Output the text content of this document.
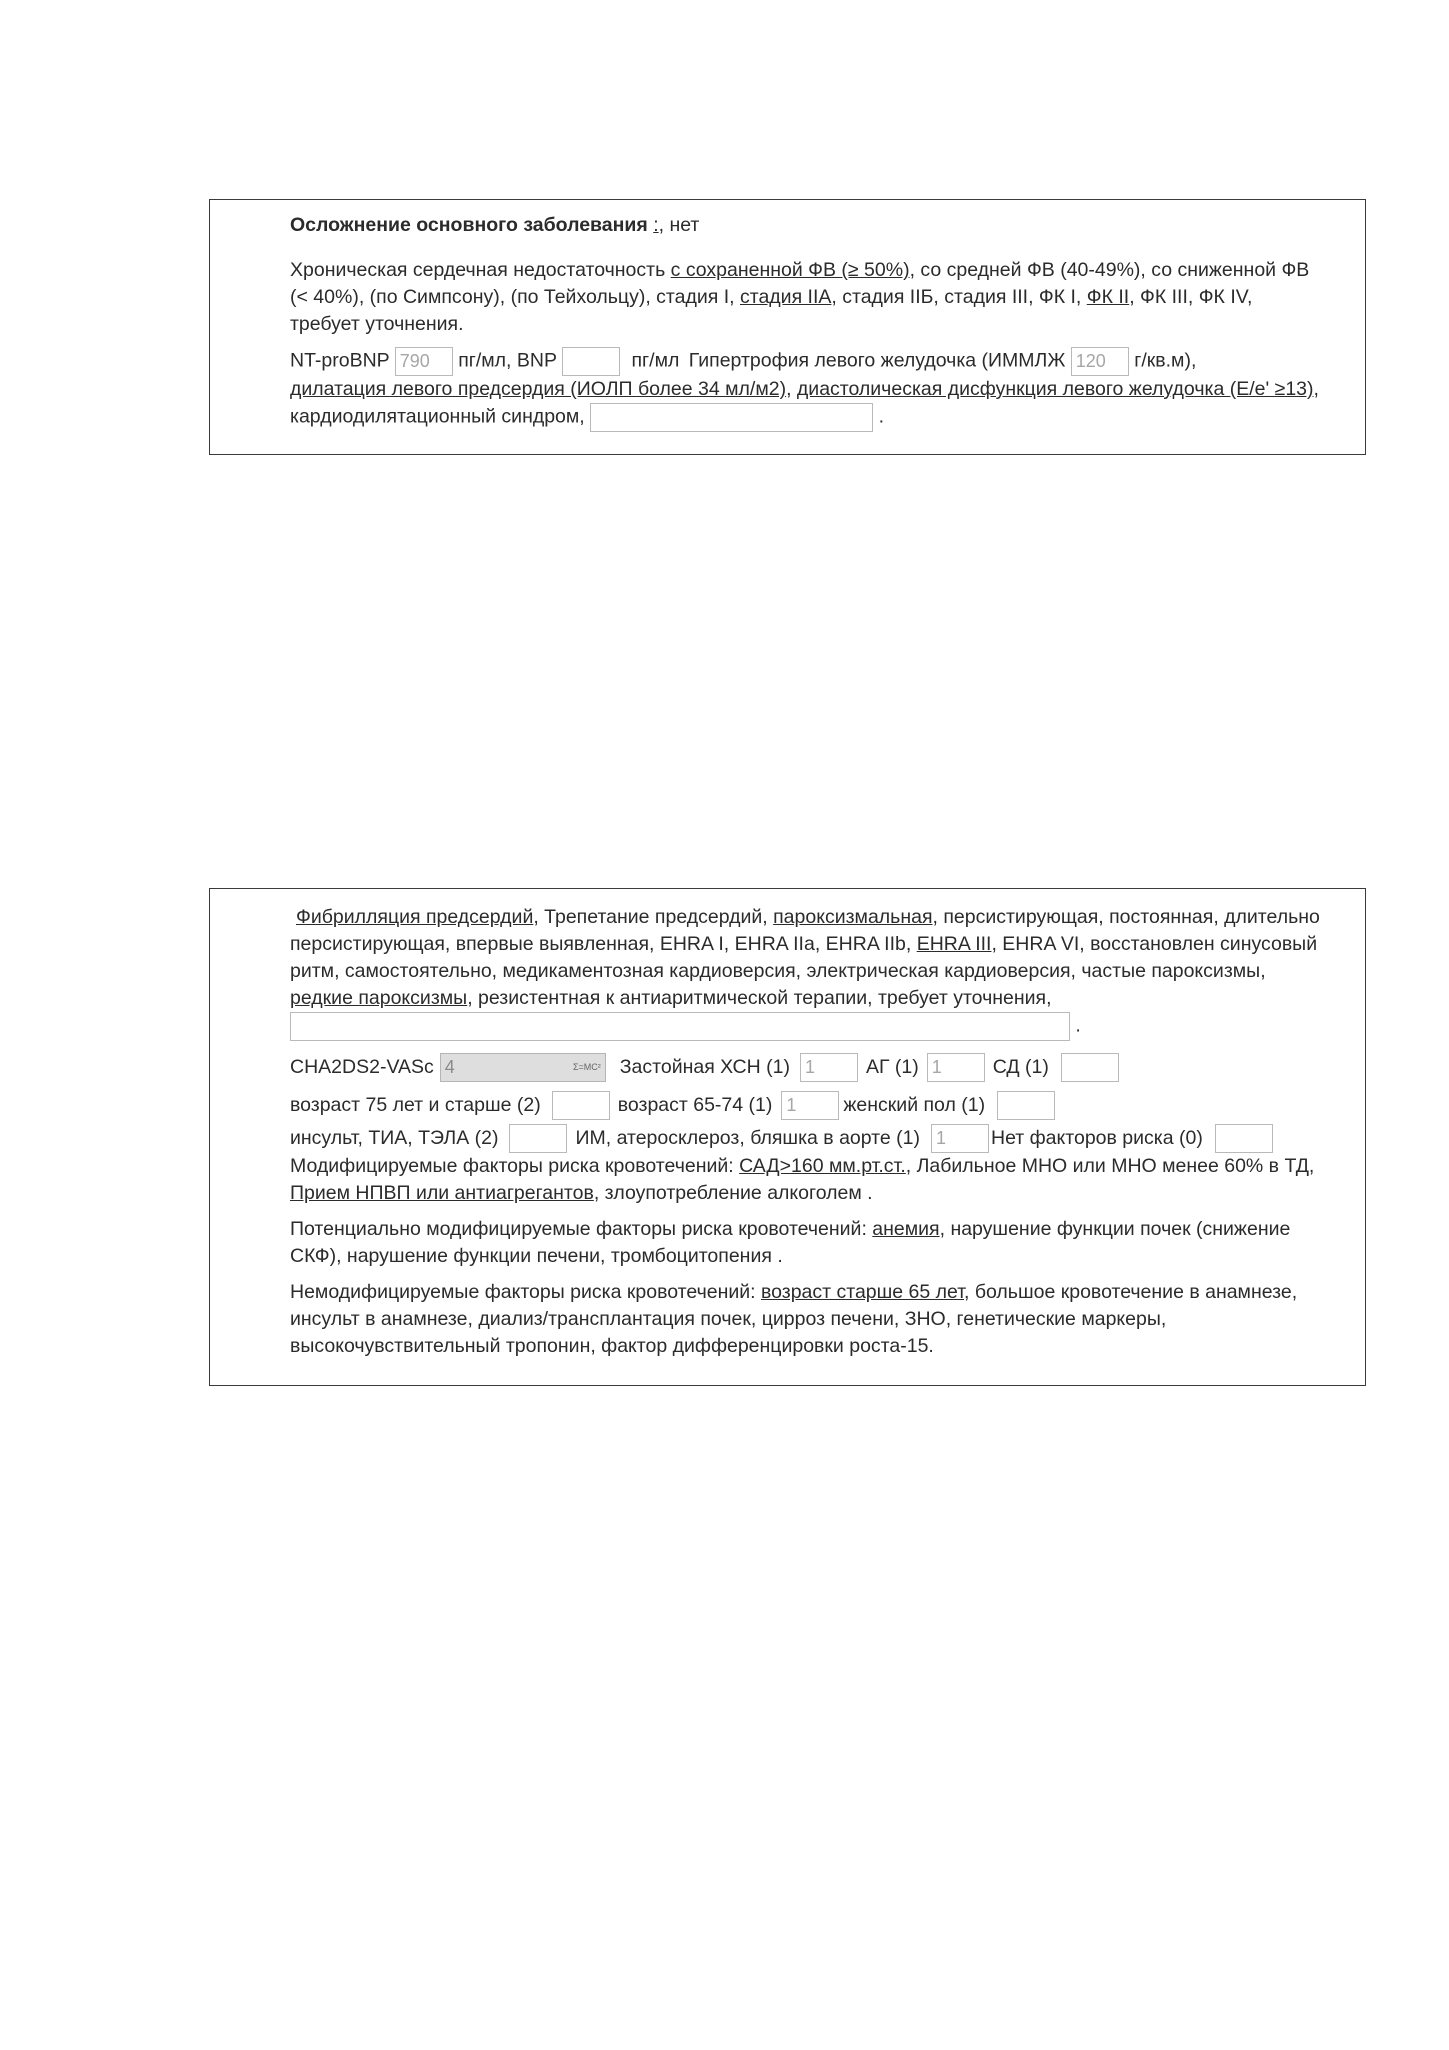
Осложнение основного заболевания :, нет

Хроническая сердечная недостаточность с сохраненной ФВ (≥ 50%), со средней ФВ (40-49%), со сниженной ФВ (< 40%), (по Симпсону), (по Тейхольцу), стадия I, стадия IIA, стадия IIБ, стадия III, ФК I, ФК II, ФК III, ФК IV, требует уточнения.

NT-proBNP 790 пг/мл, BNP	пг/мл Гипертрофия левого желудочка (ИММЛЖ 120 г/кв.м),

дилатация левого предсердия (ИОЛП более 34 мл/м2), диастолическая дисфункция левого желудочка (Е/е' ≥13), кардиодилятационный синдром,	.

Фибрилляция предсердий, Трепетание предсердий, пароксизмальная, персистирующая, постоянная, длительно персистирующая, впервые выявленная, EHRA I, EHRA IIa, EHRA IIb, EHRA III, EHRA VI, восстановлен синусовый ритм, самостоятельно, медикаментозная кардиоверсия, электрическая кардиоверсия, частые пароксизмы, редкие пароксизмы, резистентная к антиаритмической терапии, требует уточнения,  .

CHA2DS2-VASc 4	Σ=МС² Застойная ХСН (1) 1	АГ (1) 1	СД (1)
возраст 75 лет и старше (2)	возраст 65-74 (1) 1	женский пол (1)
инсульт, ТИА, ТЭЛА (2)	ИМ, атеросклероз, бляшка в аорте (1) 1	Нет факторов риска (0)

Модифицируемые факторы риска кровотечений: САД>160 мм.рт.ст., Лабильное МНО или МНО менее 60% в ТД, Прием НПВП или антиагрегантов, злоупотребление алкоголем .

Потенциально модифицируемые факторы риска кровотечений: анемия, нарушение функции почек (снижение СКФ), нарушение функции печени, тромбоцитопения .

Немодифицируемые факторы риска кровотечений: возраст старше 65 лет, большое кровотечение в анамнезе, инсульт в анамнезе, диализ/трансплантация почек, цирроз печени, ЗНО, генетические маркеры, высокочувствительный тропонин, фактор дифференцировки роста-15.
